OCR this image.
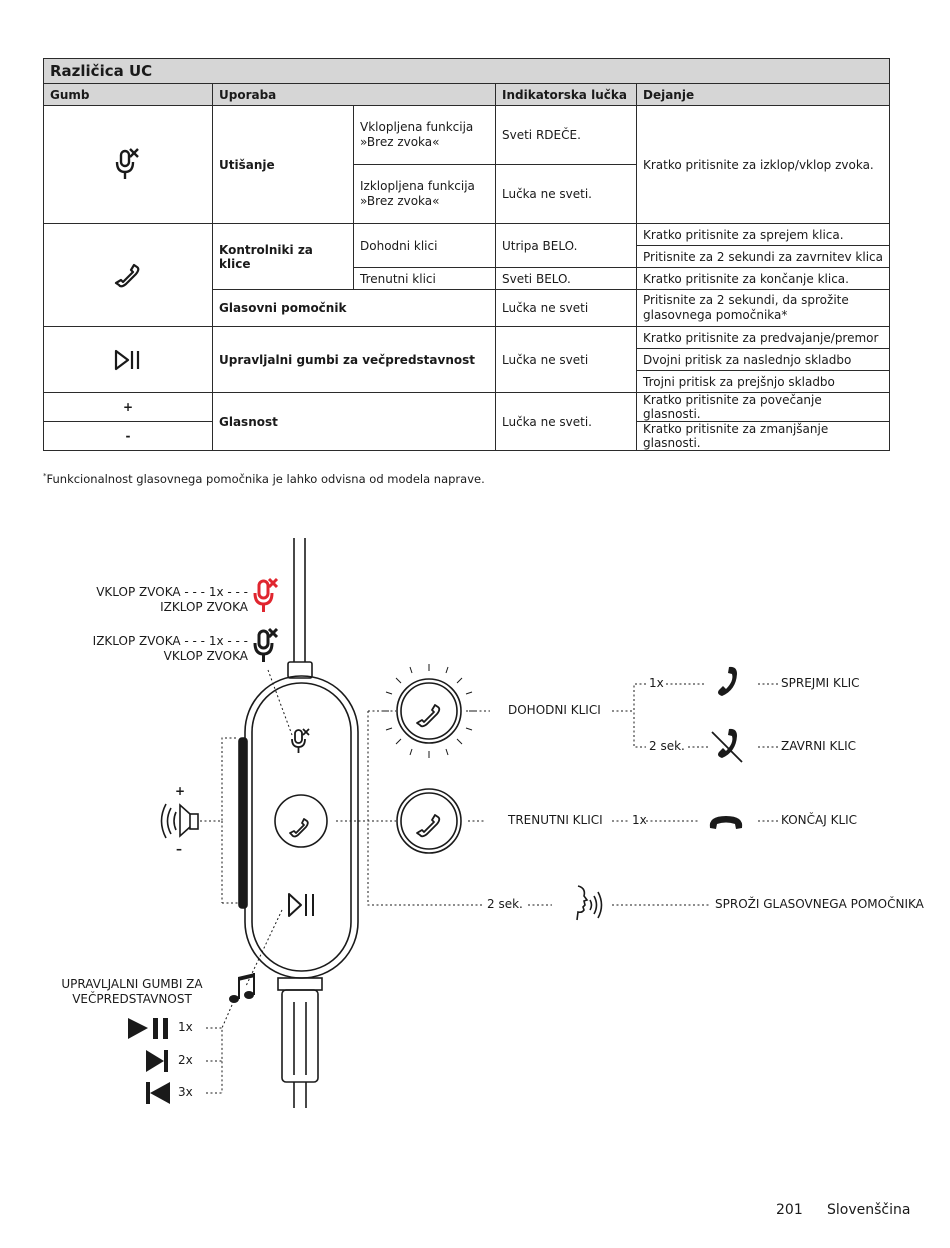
Različica UC				
Gumb	Uporaba		Indikatorska lučka	Dejanje

	Utišanje	Vklopljena funkcija »Brez zvoka«	Sveti RDEČE.	Kratko pritisnite za izklop/vklop zvoka.
		Izklopljena funkcija »Brez zvoka«	Lučka ne sveti.	

	Kontrolniki za klice	Dohodni klici	Utripa BELO.	Kratko pritisnite za sprejem klica.
				Pritisnite za 2 sekundi za zavrnitev klica
		Trenutni klici	Sveti BELO.	Kratko pritisnite za končanje klica.
	Glasovni pomočnik		Lučka ne sveti	Pritisnite za 2 sekundi, da sprožite glasovnega pomočnika*

	Upravljalni gumbi za večpredstavnost		Lučka ne sveti	Kratko pritisnite za predvajanje/premor
				Dvojni pritisk za naslednjo skladbo
				Trojni pritisk za prejšnjo skladbo
+	Glasnost		Lučka ne sveti.	Kratko pritisnite za povečanje glasnosti.
-				Kratko pritisnite za zmanjšanje glasnosti.
*Funkcionalnost glasovnega pomočnika je lahko odvisna od modela naprave.
VKLOP ZVOKA - - - 1x - - -
IZKLOP ZVOKA
IZKLOP ZVOKA - - - 1x - - -
VKLOP ZVOKA
DOHODNI KLICI
1x
2 sek.
SPREJMI KLIC
ZAVRNI KLIC
TRENUTNI KLICI 1x	KONČAJ KLIC
2 sek.	SPROŽI GLASOVNEGA POMOČNIKA
+
–
UPRAVLJALNI GUMBI ZA VEČPREDSTAVNOST
1x
2x
3x
201 Slovenščina
